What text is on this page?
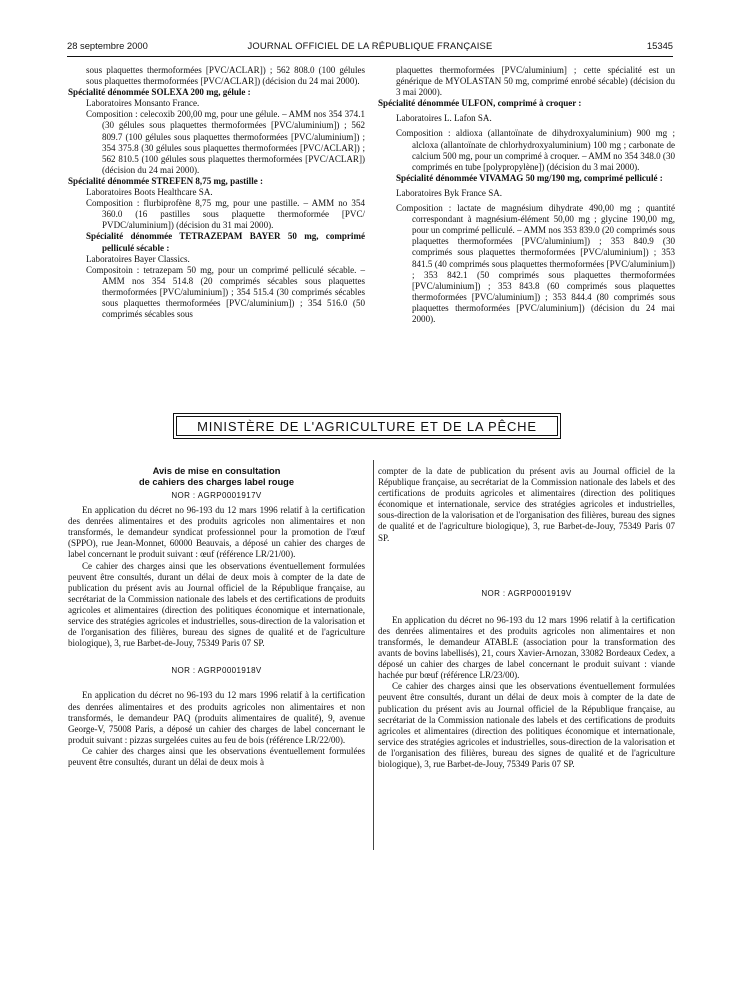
28 septembre 2000	JOURNAL OFFICIEL DE LA RÉPUBLIQUE FRANÇAISE	15345

sous plaquettes thermoformées [PVC/ACLAR]) ; 562 808.0 (100 gélules sous plaquettes thermoformées [PVC/ACLAR]) (décision du 24 mai 2000).

Spécialité dénommée SOLEXA 200 mg, gélule :

Laboratoires Monsanto France.

Composition : celecoxib 200,00 mg, pour une gélule. – AMM nos 354 374.1 (30 gélules sous plaquettes thermoformées [PVC/aluminium]) ; 562 809.7 (100 gélules sous plaquettes thermoformées [PVC/aluminium]) ; 354 375.8 (30 gélules sous plaquettes thermoformées [PVC/ACLAR]) ; 562 810.5 (100 gélules sous plaquettes thermoformées [PVC/ACLAR]) (décision du 24 mai 2000).

Spécialité dénommée STREFEN 8,75 mg, pastille :

Laboratoires Boots Healthcare SA.

Composition : flurbiprofène 8,75 mg, pour une pastille. – AMM no 354 360.0 (16 pastilles sous plaquette thermoformée [PVC/ PVDC/aluminium]) (décision du 31 mai 2000).

Spécialité dénommée TETRAZEPAM BAYER 50 mg, comprimé pelliculé sécable :

Laboratoires Bayer Classics.

Compositoin : tetrazepam 50 mg, pour un comprimé pelliculé sécable. – AMM nos 354 514.8 (20 comprimés sécables sous plaquettes thermoformées [PVC/aluminium]) ; 354 515.4 (30 comprimés sécables sous plaquettes thermoformées [PVC/aluminium]) ; 354 516.0 (50 comprimés sécables sous

plaquettes thermoformées [PVC/aluminium] ; cette spécialité est un générique de MYOLASTAN 50 mg, comprimé enrobé sécable) (décision du 3 mai 2000).

Spécialité dénommée ULFON, comprimé à croquer :

Laboratoires L. Lafon SA.

Composition : aldioxa (allantoïnate de dihydroxyaluminium) 900 mg ; alcloxa (allantoïnate de chlorhydroxyaluminium) 100 mg ; carbonate de calcium 500 mg, pour un comprimé à croquer. – AMM no 354 348.0 (30 comprimés en tube [polypropylène]) (décision du 3 mai 2000).

Spécialité dénommée VIVAMAG 50 mg/190 mg, comprimé pelliculé :

Laboratoires Byk France SA.

Composition : lactate de magnésium dihydrate 490,00 mg ; quantité correspondant à magnésium-élément 50,00 mg ; glycine 190,00 mg, pour un comprimé pelliculé. – AMM nos 353 839.0 (20 comprimés sous plaquettes thermoformées [PVC/aluminium]) ; 353 840.9 (30 comprimés sous plaquettes thermoformées [PVC/aluminium]) ; 353 841.5 (40 comprimés sous plaquettes thermoformées [PVC/aluminium]) ; 353 842.1 (50 comprimés sous plaquettes thermoformées [PVC/aluminium]) ; 353 843.8 (60 comprimés sous plaquettes thermoformées [PVC/aluminium]) ; 353 844.4 (80 comprimés sous plaquettes thermoformées [PVC/aluminium]) (décision du 24 mai 2000).

MINISTÈRE DE L'AGRICULTURE ET DE LA PÊCHE

Avis de mise en consultation

de cahiers des charges label rouge

NOR : AGRP0001917V

En application du décret no 96-193 du 12 mars 1996 relatif à la certification des denrées alimentaires et des produits agricoles non alimentaires et non transformés, le demandeur syndicat professionnel pour la promotion de l'œuf (SPPO), rue Jean-Monnet, 60000 Beauvais, a déposé un cahier des charges de label concernant le produit suivant : œuf (référence LR/21/00).

Ce cahier des charges ainsi que les observations éventuellement formulées peuvent être consultés, durant un délai de deux mois à compter de la date de publication du présent avis au Journal officiel de la République française, au secrétariat de la Commission nationale des labels et des certifications de produits agricoles et alimentaires (direction des politiques économique et internationale, service des stratégies agricoles et industrielles, sous-direction de la valorisation et de l'organisation des filières, bureau des signes de qualité et de l'agriculture biologique), 3, rue Barbet-de-Jouy, 75349 Paris 07 SP.

NOR : AGRP0001918V

En application du décret no 96-193 du 12 mars 1996 relatif à la certification des denrées alimentaires et des produits agricoles non alimentaires et non transformés, le demandeur PAQ (produits alimentaires de qualité), 9, avenue George-V, 75008 Paris, a déposé un cahier des charges de label concernant le produit suivant : pizzas surgelées cuites au feu de bois (référence LR/22/00).

Ce cahier des charges ainsi que les observations éventuellement formulées peuvent être consultés, durant un délai de deux mois à

compter de la date de publication du présent avis au Journal officiel de la République française, au secrétariat de la Commission nationale des labels et des certifications de produits agricoles et alimentaires (direction des politiques économique et internationale, service des stratégies agricoles et industrielles, sous-direction de la valorisation et de l'organisation des filières, bureau des signes de qualité et de l'agriculture biologique), 3, rue Barbet-de-Jouy, 75349 Paris 07 SP.

NOR : AGRP0001919V

En application du décret no 96-193 du 12 mars 1996 relatif à la certification des denrées alimentaires et des produits agricoles non alimentaires et non transformés, le demandeur ATABLE (association pour la transformation des avants de bovins labellisés), 21, cours Xavier-Arnozan, 33082 Bordeaux Cedex, a déposé un cahier des charges de label concernant le produit suivant : viande hachée pur bœuf (référence LR/23/00).

Ce cahier des charges ainsi que les observations éventuellement formulées peuvent être consultés, durant un délai de deux mois à compter de la date de publication du présent avis au Journal officiel de la République française, au secrétariat de la Commission nationale des labels et des certifications de produits agricoles et alimentaires (direction des politiques économique et internationale, service des stratégies agricoles et industrielles, sous-direction de la valorisation et de l'organisation des filières, bureau des signes de qualité et de l'agriculture biologique), 3, rue Barbet-de-Jouy, 75349 Paris 07 SP.
